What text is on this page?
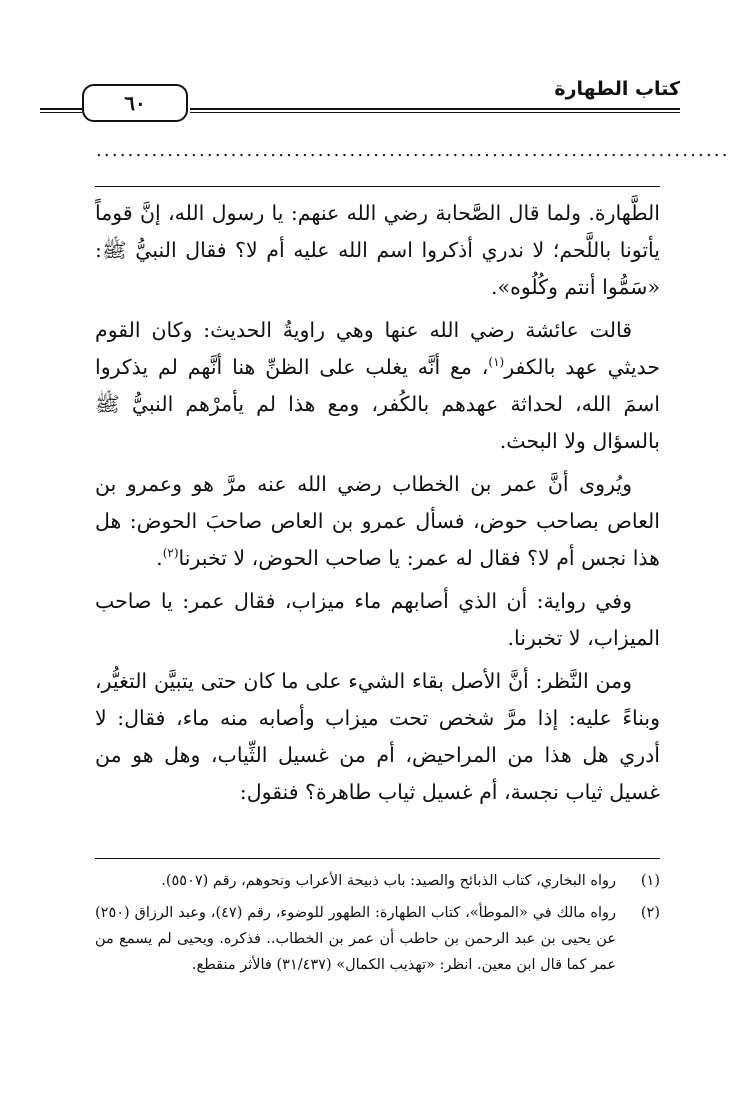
٦٠
كتاب الطهارة
................................................................................

الطَّهارة. ولما قال الصَّحابة رضي الله عنهم: يا رسول الله، إنَّ قوماً يأتونا باللَّحم؛ لا ندري أذكروا اسم الله عليه أم لا؟ فقال النبيُّ ﷺ: «سَمُّوا أنتم وكُلُوه».

قالت عائشة رضي الله عنها وهي راويةُ الحديث: وكان القوم حديثي عهد بالكفر$^{(١)}$، مع أنَّه يغلب على الظنِّ هنا أنَّهم لم يذكروا اسمَ الله، لحداثة عهدهم بالكُفر، ومع هذا لم يأمرْهم النبيُّ ﷺ بالسؤال ولا البحث.

ويُروى أنَّ عمر بن الخطاب رضي الله عنه مرَّ هو وعمرو بن العاص بصاحب حوض، فسأل عمرو بن العاص صاحبَ الحوض: هل هذا نجس أم لا؟ فقال له عمر: يا صاحب الحوض، لا تخبرنا$^{(٢)}$.

وفي رواية: أن الذي أصابهم ماء ميزاب، فقال عمر: يا صاحب الميزاب، لا تخبرنا.

ومن النَّظر: أنَّ الأصل بقاء الشيء على ما كان حتى يتبيَّن التغيُّر، وبناءً عليه: إذا مرَّ شخص تحت ميزاب وأصابه منه ماء، فقال: لا أدري هل هذا من المراحيض، أم من غسيل الثِّياب، وهل هو من غسيل ثياب نجسة، أم غسيل ثياب طاهرة؟ فنقول:

(١)
رواه البخاري، كتاب الذبائح والصيد: باب ذبيحة الأعراب ونحوهم، رقم (٥٥٠٧).
(٢)
رواه مالك في «الموطأ»، كتاب الطهارة: الطهور للوضوء، رقم (٤٧)، وعبد الرزاق (٢٥٠) عن يحيى بن عبد الرحمن بن حاطب أن عمر بن الخطاب.. فذكره. ويحيى لم يسمع من عمر كما قال ابن معين. انظر: «تهذيب الكمال» (٣١/٤٣٧) فالأثر منقطع.
